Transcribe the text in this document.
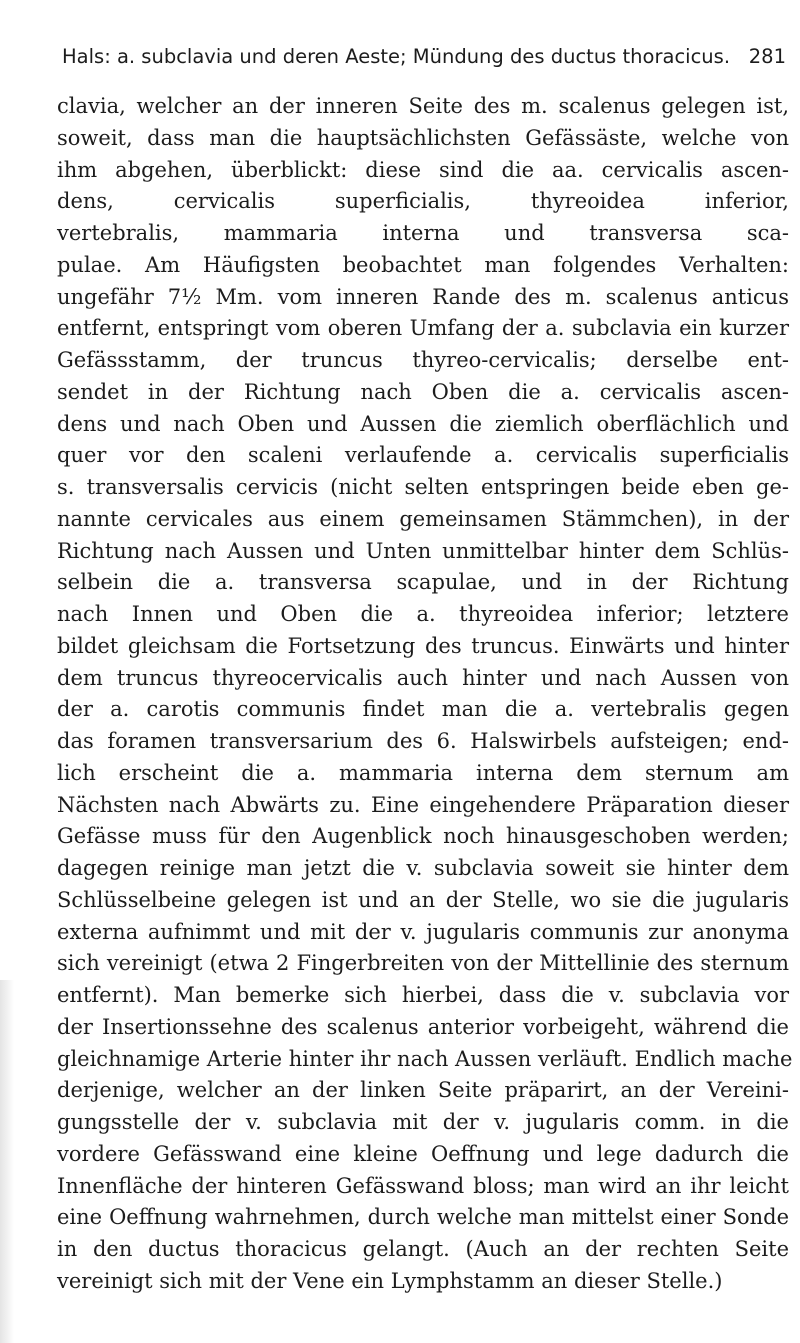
Hals: a. subclavia und deren Aeste; Mündung des ductus thoracicus. 281
clavia, welcher an der inneren Seite des m. scalenus gelegen ist,
soweit, dass man die hauptsächlichsten Gefässäste, welche von
ihm abgehen, überblickt: diese sind die aa. cervicalis ascen-
dens, cervicalis superficialis, thyreoidea inferior,
vertebralis, mammaria interna und transversa sca-
pulae. Am Häufigsten beobachtet man folgendes Verhalten:
ungefähr 7½ Mm. vom inneren Rande des m. scalenus anticus
entfernt, entspringt vom oberen Umfang der a. subclavia ein kurzer
Gefässstamm, der truncus thyreo-cervicalis; derselbe ent-
sendet in der Richtung nach Oben die a. cervicalis ascen-
dens und nach Oben und Aussen die ziemlich oberflächlich und
quer vor den scaleni verlaufende a. cervicalis superficialis
s. transversalis cervicis (nicht selten entspringen beide eben ge-
nannte cervicales aus einem gemeinsamen Stämmchen), in der
Richtung nach Aussen und Unten unmittelbar hinter dem Schlüs-
selbein die a. transversa scapulae, und in der Richtung
nach Innen und Oben die a. thyreoidea inferior; letztere
bildet gleichsam die Fortsetzung des truncus. Einwärts und hinter
dem truncus thyreocervicalis auch hinter und nach Aussen von
der a. carotis communis findet man die a. vertebralis gegen
das foramen transversarium des 6. Halswirbels aufsteigen; end-
lich erscheint die a. mammaria interna dem sternum am
Nächsten nach Abwärts zu. Eine eingehendere Präparation dieser
Gefässe muss für den Augenblick noch hinausgeschoben werden;
dagegen reinige man jetzt die v. subclavia soweit sie hinter dem
Schlüsselbeine gelegen ist und an der Stelle, wo sie die jugularis
externa aufnimmt und mit der v. jugularis communis zur anonyma
sich vereinigt (etwa 2 Fingerbreiten von der Mittellinie des sternum
entfernt). Man bemerke sich hierbei, dass die v. subclavia vor
der Insertionssehne des scalenus anterior vorbeigeht, während die
gleichnamige Arterie hinter ihr nach Aussen verläuft. Endlich mache
derjenige, welcher an der linken Seite präparirt, an der Vereini-
gungsstelle der v. subclavia mit der v. jugularis comm. in die
vordere Gefässwand eine kleine Oeffnung und lege dadurch die
Innenfläche der hinteren Gefässwand bloss; man wird an ihr leicht
eine Oeffnung wahrnehmen, durch welche man mittelst einer Sonde
in den ductus thoracicus gelangt. (Auch an der rechten Seite
vereinigt sich mit der Vene ein Lymphstamm an dieser Stelle.)
